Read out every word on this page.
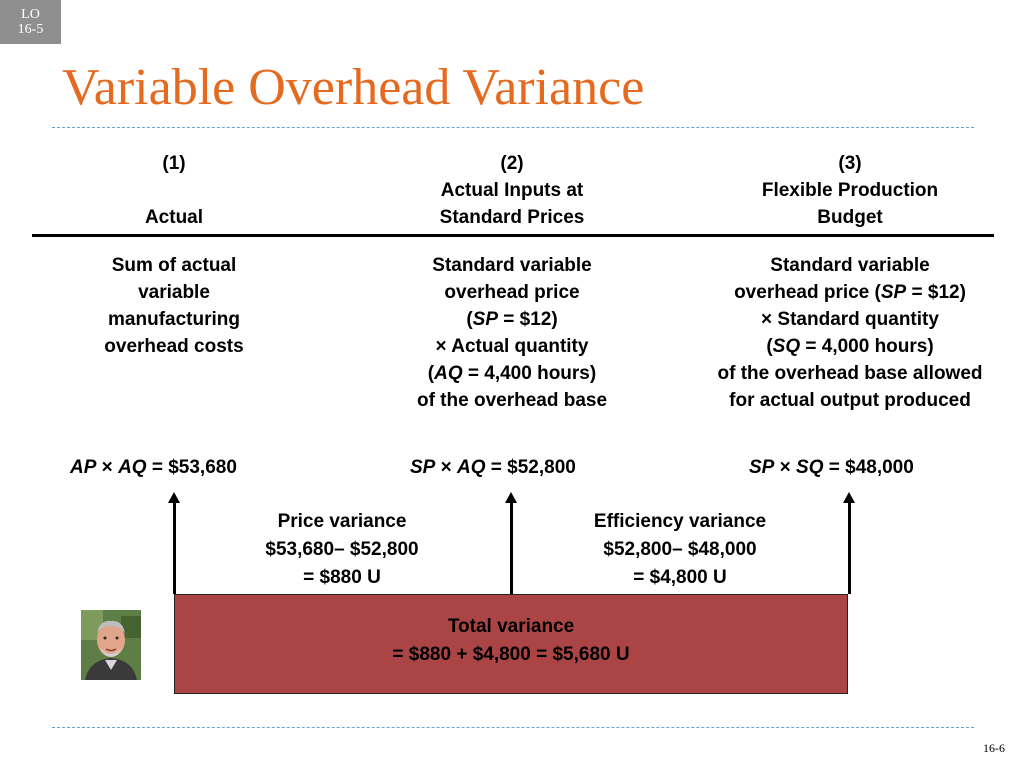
LO
16-5
Variable Overhead Variance
(1)

Actual
(2)
Actual Inputs at
Standard Prices
(3)
Flexible Production
Budget
Sum of actual
variable
manufacturing
overhead costs
Standard variable
overhead price
(SP = $12)
× Actual quantity
(AQ = 4,400 hours)
of the overhead base
Standard variable
overhead price (SP = $12)
× Standard quantity
(SQ = 4,000 hours)
of the overhead base allowed
for actual output produced
AP × AQ = $53,680	SP × AQ = $52,800	SP × SQ = $48,000
Price variance
$53,680– $52,800
= $880 U
Efficiency variance
$52,800– $48,000
= $4,800 U
Total variance
= $880 + $4,800 = $5,680 U
16-6
